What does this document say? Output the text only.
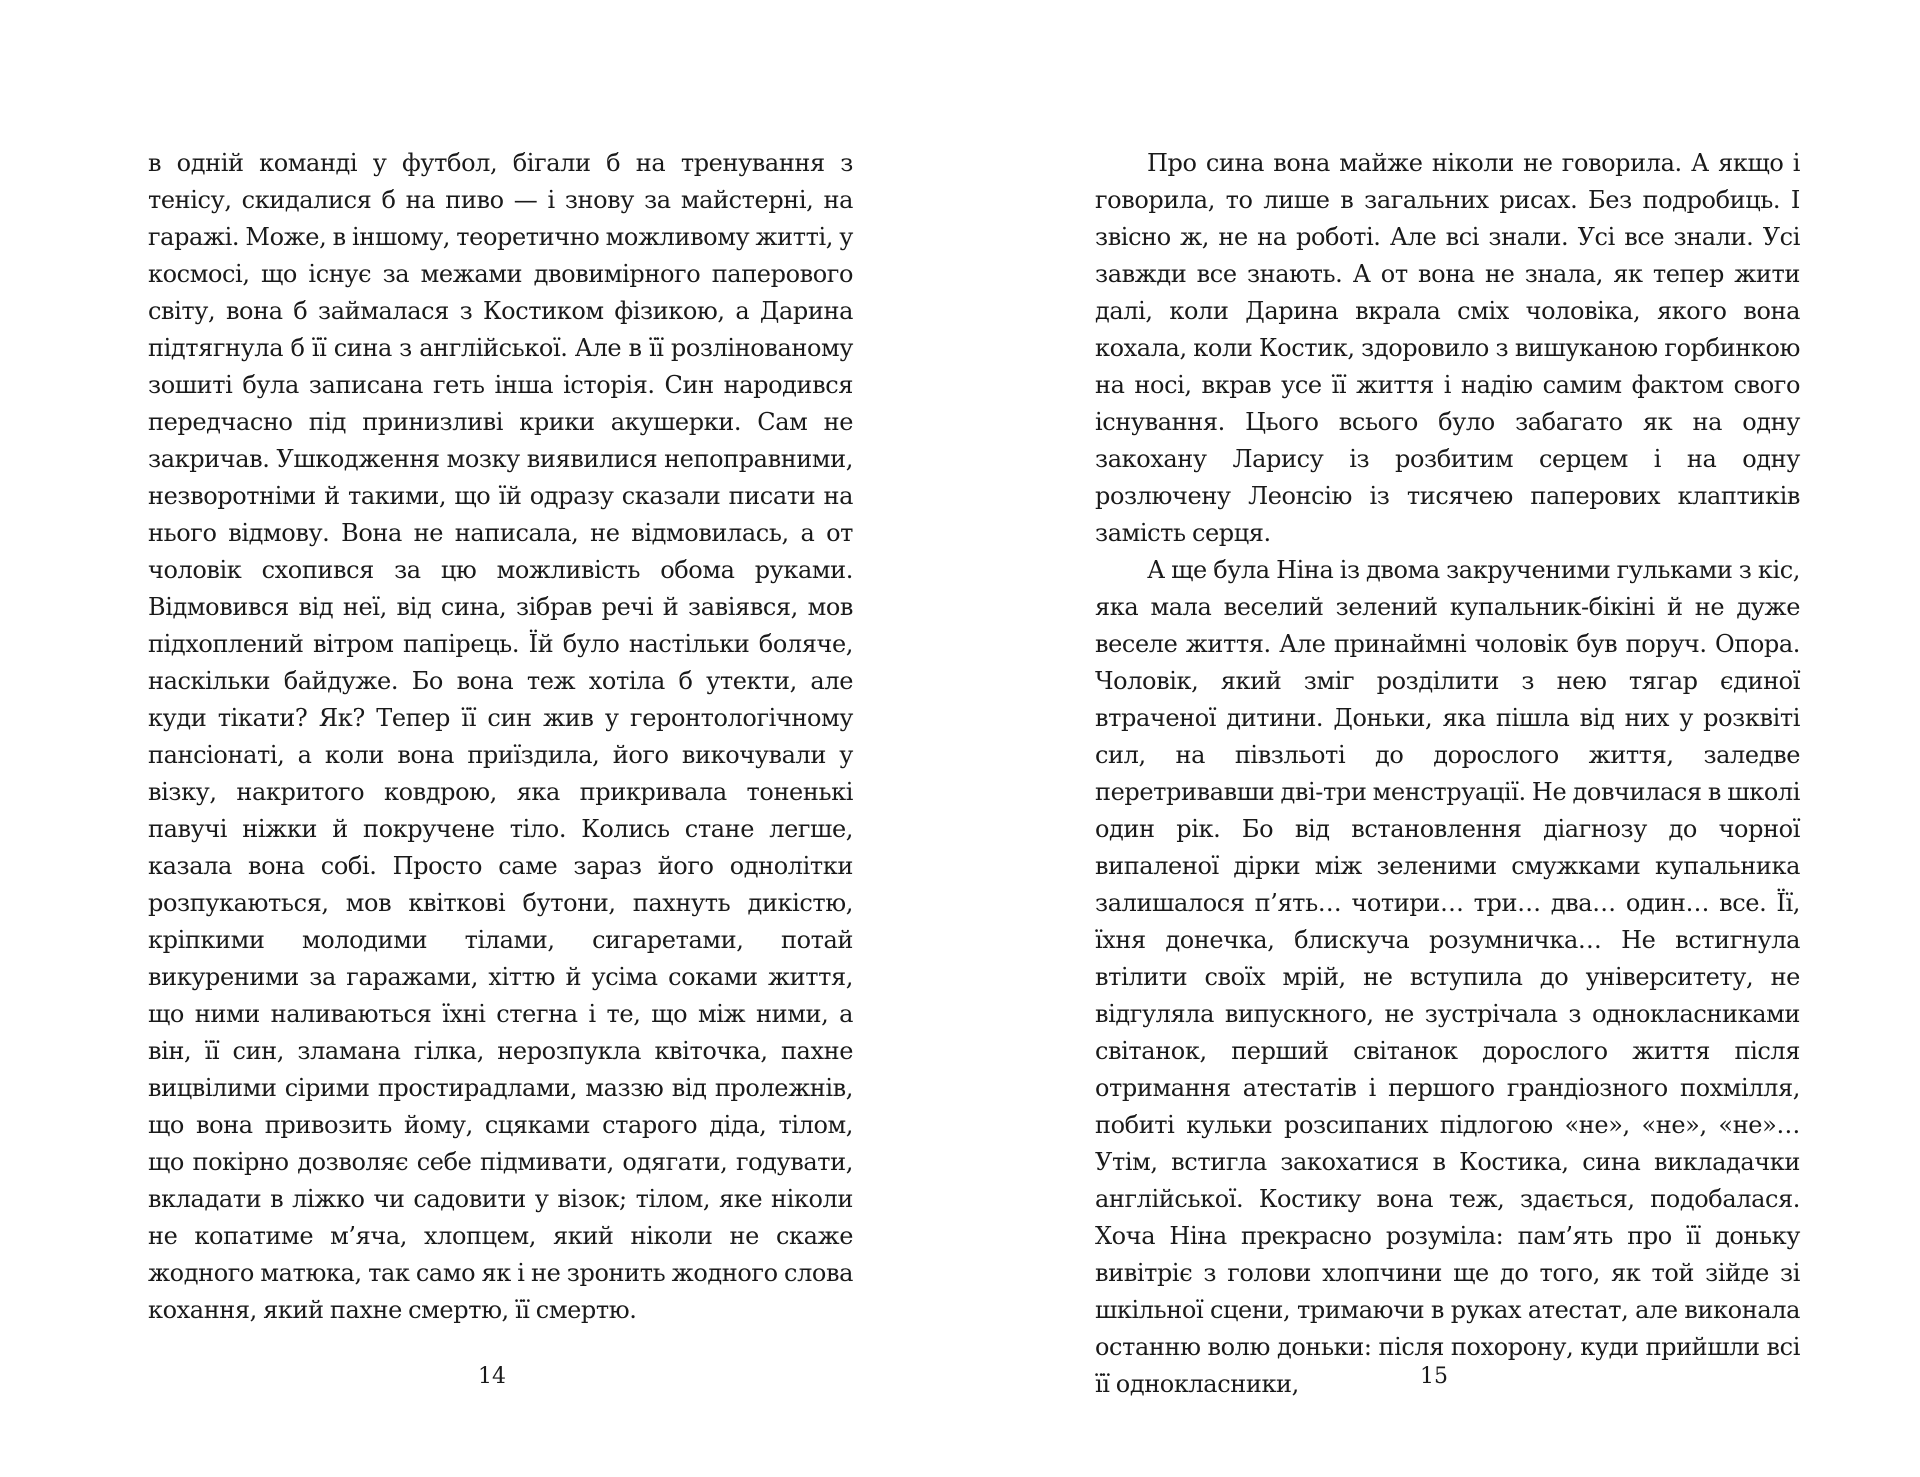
в одній команді у футбол, бігали б на тренування з тенісу, скидалися б на пиво — і знову за майстерні, на гаражі. Може, в іншому, теоретично можливому житті, у космосі, що існує за межами двовимірного паперового світу, вона б займалася з Костиком фізикою, а Дарина підтягнула б її сина з англійської. Але в її розлінованому зошиті була записана геть інша історія. Син народився передчасно під принизливі крики акушерки. Сам не закричав. Ушкодження мозку виявилися непоправними, незворотніми й такими, що їй одразу сказали писати на нього відмову. Вона не написала, не відмовилась, а от чоловік схопився за цю можливість обома руками. Відмовився від неї, від сина, зібрав речі й завіявся, мов підхоплений вітром папірець. Їй було настільки боляче, наскільки байдуже. Бо вона теж хотіла б утекти, але куди тікати? Як? Тепер її син жив у геронтологічному пансіонаті, а коли вона приїздила, його викочували у візку, накритого ковдрою, яка прикривала тоненькі павучі ніжки й покручене тіло. Колись стане легше, казала вона собі. Просто саме зараз його однолітки розпукаються, мов квіткові бутони, пахнуть дикістю, кріпкими молодими тілами, сигаретами, потай викуреними за гаражами, хіттю й усіма соками життя, що ними наливаються їхні стегна і те, що між ними, а він, її син, зламана гілка, нерозпукла квіточка, пахне вицвілими сірими простирадлами, маззю від пролежнів, що вона привозить йому, сцяками старого діда, тілом, що покірно дозволяє себе підмивати, одягати, годувати, вкладати в ліжко чи садовити у візок; тілом, яке ніколи не копатиме м’яча, хлопцем, який ніколи не скаже жодного матюка, так само як і не зронить жодного слова кохання, який пахне смертю, її смертю.

14

Про сина вона майже ніколи не говорила. А якщо і говорила, то лише в загальних рисах. Без подробиць. І звісно ж, не на роботі. Але всі знали. Усі все знали. Усі завжди все знають. А от вона не знала, як тепер жити далі, коли Дарина вкрала сміх чоловіка, якого вона кохала, коли Костик, здоровило з вишуканою горбинкою на носі, вкрав усе її життя і надію самим фактом свого існування. Цього всього було забагато як на одну закохану Ларису із розбитим серцем і на одну розлючену Леонсію із тисячею паперових клаптиків замість серця.

А ще була Ніна із двома закрученими гульками з кіс, яка мала веселий зелений купальник-бікіні й не дуже веселе життя. Але принаймні чоловік був поруч. Опора. Чоловік, який зміг розділити з нею тягар єдиної втраченої дитини. Доньки, яка пішла від них у розквіті сил, на півзльоті до дорослого життя, заледве перетривавши дві-три менструації. Не довчилася в школі один рік. Бо від встановлення діагнозу до чорної випаленої дірки між зеленими смужками купальника залишалося п’ять… чотири… три… два… один… все. Її, їхня донечка, блискуча розумничка… Не встигнула втілити своїх мрій, не вступила до університету, не відгуляла випускного, не зустрічала з однокласниками світанок, перший світанок дорослого життя після отримання атестатів і першого грандіозного похмілля, побиті кульки розсипаних підлогою «не», «не», «не»… Утім, встигла закохатися в Костика, сина викладачки англійської. Костику вона теж, здається, подобалася. Хоча Ніна прекрасно розуміла: пам’ять про її доньку вивітріє з голови хлопчини ще до того, як той зійде зі шкільної сцени, тримаючи в руках атестат, але виконала останню волю доньки: після похорону, куди прийшли всі її однокласники,	15
